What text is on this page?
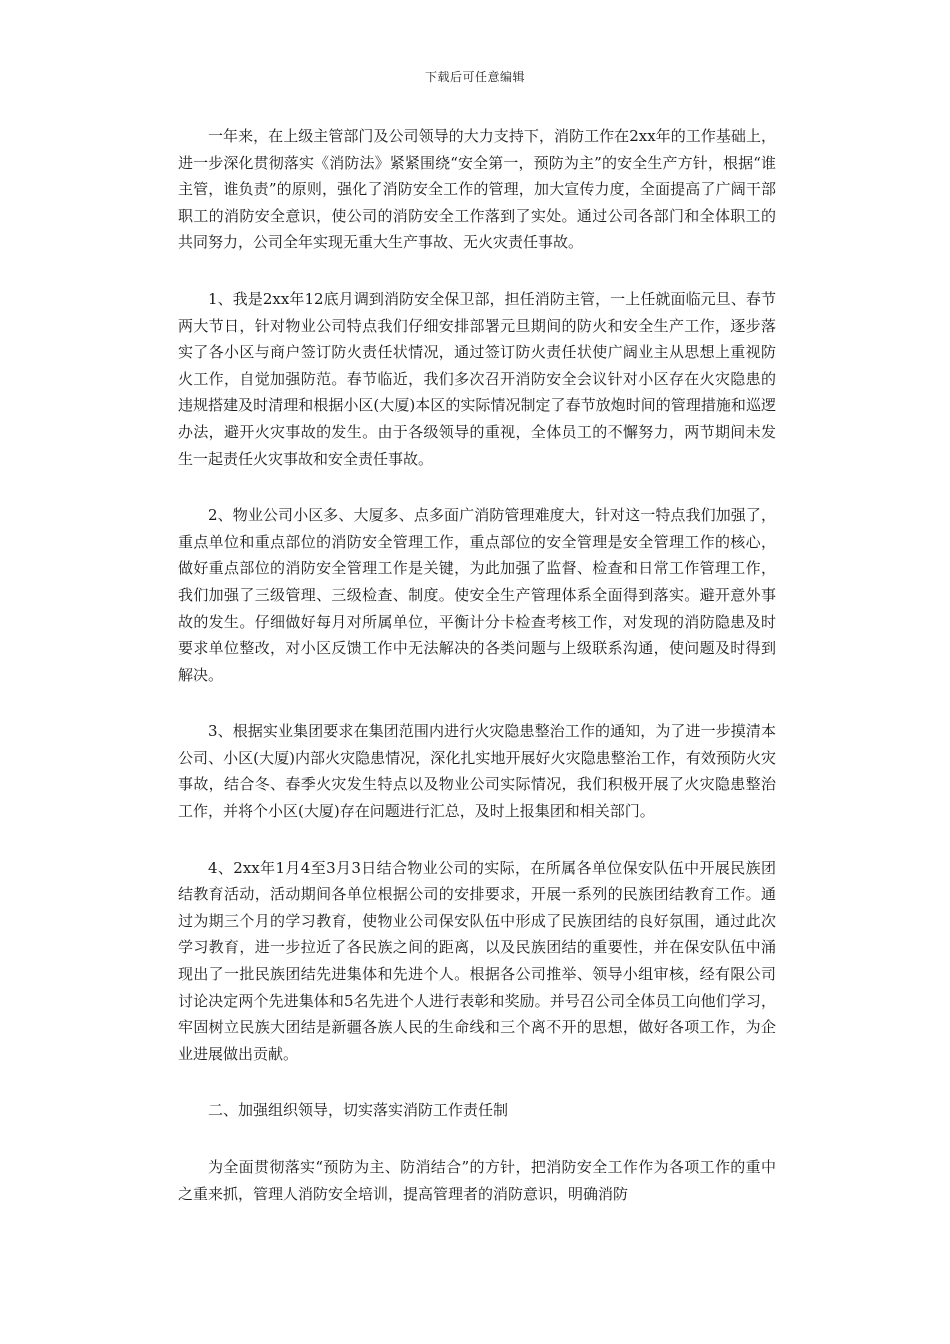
下载后可任意编辑

一年来，在上级主管部门及公司领导的大力支持下，消防工作在2xx年的工作基础上，进一步深化贯彻落实《消防法》紧紧围绕“安全第一，预防为主”的安全生产方针，根据“谁主管，谁负责”的原则，强化了消防安全工作的管理，加大宣传力度，全面提高了广阔干部职工的消防安全意识，使公司的消防安全工作落到了实处。通过公司各部门和全体职工的共同努力，公司全年实现无重大生产事故、无火灾责任事故。

1、我是2xx年12底月调到消防安全保卫部，担任消防主管，一上任就面临元旦、春节两大节日，针对物业公司特点我们仔细安排部署元旦期间的防火和安全生产工作，逐步落实了各小区与商户签订防火责任状情况，通过签订防火责任状使广阔业主从思想上重视防火工作，自觉加强防范。春节临近，我们多次召开消防安全会议针对小区存在火灾隐患的违规搭建及时清理和根据小区(大厦)本区的实际情况制定了春节放炮时间的管理措施和巡逻办法，避开火灾事故的发生。由于各级领导的重视，全体员工的不懈努力，两节期间未发生一起责任火灾事故和安全责任事故。

2、物业公司小区多、大厦多、点多面广消防管理难度大，针对这一特点我们加强了，重点单位和重点部位的消防安全管理工作，重点部位的安全管理是安全管理工作的核心，做好重点部位的消防安全管理工作是关键，为此加强了监督、检查和日常工作管理工作，我们加强了三级管理、三级检查、制度。使安全生产管理体系全面得到落实。避开意外事故的发生。仔细做好每月对所属单位，平衡计分卡检查考核工作，对发现的消防隐患及时要求单位整改，对小区反馈工作中无法解决的各类问题与上级联系沟通，使问题及时得到解决。

3、根据实业集团要求在集团范围内进行火灾隐患整治工作的通知，为了进一步摸清本公司、小区(大厦)内部火灾隐患情况，深化扎实地开展好火灾隐患整治工作，有效预防火灾事故，结合冬、春季火灾发生特点以及物业公司实际情况，我们积极开展了火灾隐患整治工作，并将个小区(大厦)存在问题进行汇总，及时上报集团和相关部门。

4、2xx年1月4至3月3日结合物业公司的实际，在所属各单位保安队伍中开展民族团结教育活动，活动期间各单位根据公司的安排要求，开展一系列的民族团结教育工作。通过为期三个月的学习教育，使物业公司保安队伍中形成了民族团结的良好氛围，通过此次学习教育，进一步拉近了各民族之间的距离，以及民族团结的重要性，并在保安队伍中涌现出了一批民族团结先进集体和先进个人。根据各公司推举、领导小组审核，经有限公司讨论决定两个先进集体和5名先进个人进行表彰和奖励。并号召公司全体员工向他们学习，牢固树立民族大团结是新疆各族人民的生命线和三个离不开的思想，做好各项工作，为企业进展做出贡献。

二、加强组织领导，切实落实消防工作责任制

为全面贯彻落实“预防为主、防消结合”的方针，把消防安全工作作为各项工作的重中之重来抓，管理人消防安全培训，提高管理者的消防意识，明确消防
